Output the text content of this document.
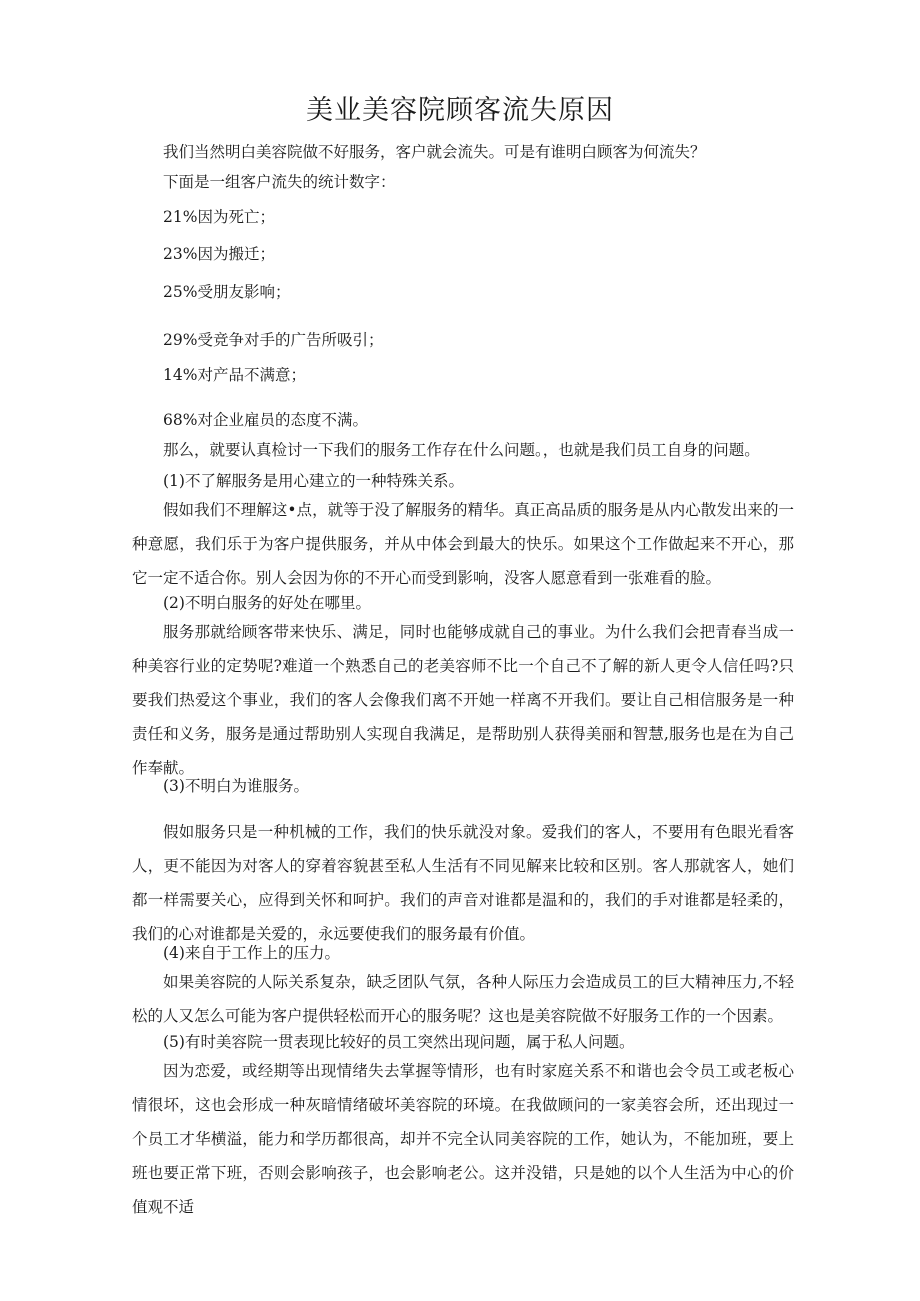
美业美容院顾客流失原因
我们当然明白美容院做不好服务，客户就会流失。可是有谁明白顾客为何流失？
下面是一组客户流失的统计数字：
21%因为死亡；
23%因为搬迁；
25%受朋友影响；
29%受竞争对手的广告所吸引；
14%对产品不满意；
68%对企业雇员的态度不满。
那么，就要认真检讨一下我们的服务工作存在什么问题。，也就是我们员工自身的问题。
(1)不了解服务是用心建立的一种特殊关系。
假如我们不理解这•点，就等于没了解服务的精华。真正高品质的服务是从内心散发出来的一种意愿，我们乐于为客户提供服务，并从中体会到最大的快乐。如果这个工作做起来不开心，那它一定不适合你。别人会因为你的不开心而受到影响，没客人愿意看到一张难看的脸。
(2)不明白服务的好处在哪里。
服务那就给顾客带来快乐、满足，同时也能够成就自己的事业。为什么我们会把青春当成一种美容行业的定势呢?难道一个熟悉自己的老美容师不比一个自己不了解的新人更令人信任吗?只要我们热爱这个事业，我们的客人会像我们离不开她一样离不开我们。要让自己相信服务是一种责任和义务，服务是通过帮助别人实现自我满足，是帮助别人获得美丽和智慧,服务也是在为自己作奉献。
(3)不明白为谁服务。
假如服务只是一种机械的工作，我们的快乐就没对象。爱我们的客人，不要用有色眼光看客人，更不能因为对客人的穿着容貌甚至私人生活有不同见解来比较和区别。客人那就客人，她们都一样需要关心，应得到关怀和呵护。我们的声音对谁都是温和的，我们的手对谁都是轻柔的，我们的心对谁都是关爱的，永远要使我们的服务最有价值。
(4)来自于工作上的压力。
如果美容院的人际关系复杂，缺乏团队气氛，各种人际压力会造成员工的巨大精神压力,不轻松的人又怎么可能为客户提供轻松而开心的服务呢？这也是美容院做不好服务工作的一个因素。
(5)有时美容院一贯表现比较好的员工突然出现问题，属于私人问题。
因为恋爱，或经期等出现情绪失去掌握等情形，也有时家庭关系不和谐也会令员工或老板心情很坏，这也会形成一种灰暗情绪破坏美容院的环境。在我做顾问的一家美容会所，还出现过一个员工才华横溢，能力和学历都很高，却并不完全认同美容院的工作，她认为，不能加班，要上班也要正常下班，否则会影响孩子，也会影响老公。这并没错，只是她的以个人生活为中心的价值观不适
